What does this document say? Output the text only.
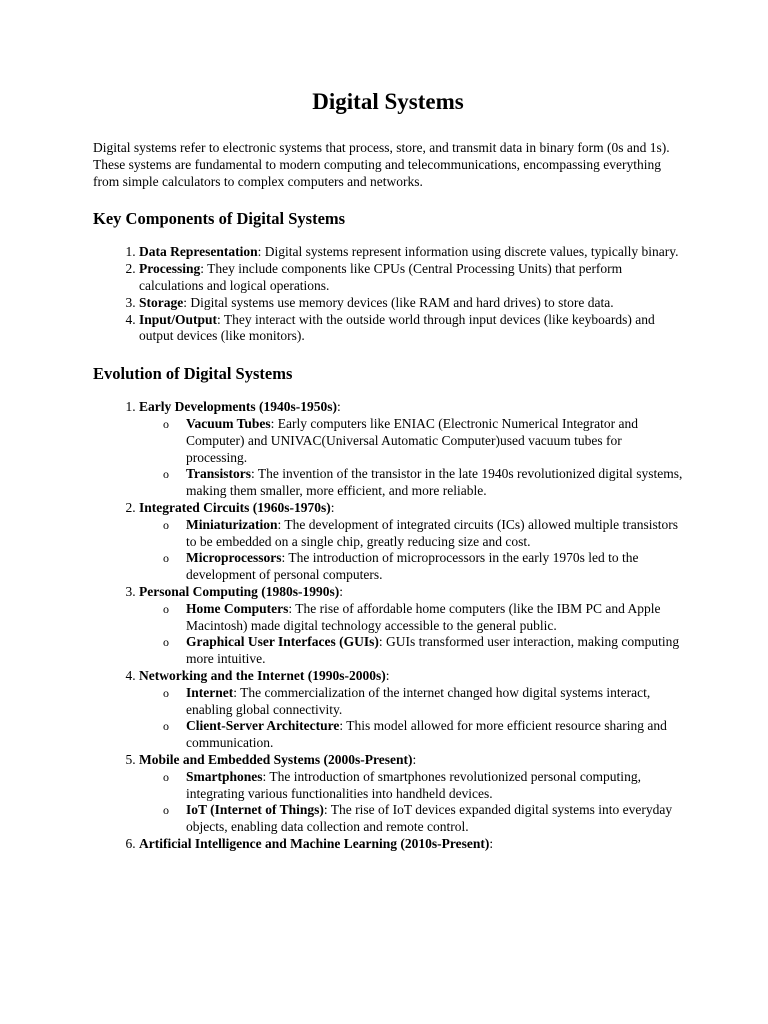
Digital Systems

Digital systems refer to electronic systems that process, store, and transmit data in binary form (0s and 1s). These systems are fundamental to modern computing and telecommunications, encompassing everything from simple calculators to complex computers and networks.

Key Components of Digital Systems
1. Data Representation: Digital systems represent information using discrete values, typically binary.
2. Processing: They include components like CPUs (Central Processing Units) that perform calculations and logical operations.
3. Storage: Digital systems use memory devices (like RAM and hard drives) to store data.
4. Input/Output: They interact with the outside world through input devices (like keyboards) and output devices (like monitors).
Evolution of Digital Systems
1. Early Developments (1940s-1950s):
o Vacuum Tubes: Early computers like ENIAC (Electronic Numerical Integrator and Computer) and UNIVAC(Universal Automatic Computer)used vacuum tubes for processing.
o Transistors: The invention of the transistor in the late 1940s revolutionized digital systems, making them smaller, more efficient, and more reliable.
2. Integrated Circuits (1960s-1970s):
o Miniaturization: The development of integrated circuits (ICs) allowed multiple transistors to be embedded on a single chip, greatly reducing size and cost.
o Microprocessors: The introduction of microprocessors in the early 1970s led to the development of personal computers.
3. Personal Computing (1980s-1990s):
o Home Computers: The rise of affordable home computers (like the IBM PC and Apple Macintosh) made digital technology accessible to the general public.
o Graphical User Interfaces (GUIs): GUIs transformed user interaction, making computing more intuitive.
4. Networking and the Internet (1990s-2000s):
o Internet: The commercialization of the internet changed how digital systems interact, enabling global connectivity.
o Client-Server Architecture: This model allowed for more efficient resource sharing and communication.
5. Mobile and Embedded Systems (2000s-Present):
o Smartphones: The introduction of smartphones revolutionized personal computing, integrating various functionalities into handheld devices.
o IoT (Internet of Things): The rise of IoT devices expanded digital systems into everyday objects, enabling data collection and remote control.
6. Artificial Intelligence and Machine Learning (2010s-Present):
